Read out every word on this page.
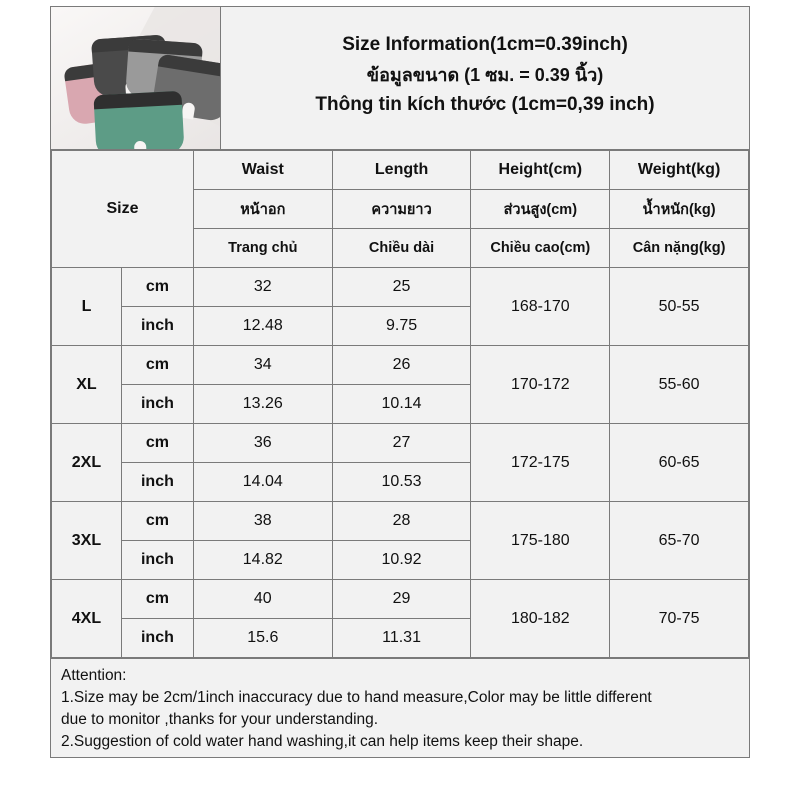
Size Information(1cm=0.39inch)
ข้อมูลขนาด (1 ซม. = 0.39 นิ้ว)
Thông tin kích thước (1cm=0,39 inch)
Size		Waist	Length	Height(cm)	Weight(kg)
		หน้าอก	ความยาว	ส่วนสูง(cm)	น้ำหนัก(kg)
		Trang chủ	Chiều dài	Chiều cao(cm)	Cân nặng(kg)
L	cm	32	25	168-170	50-55
	inch	12.48	9.75		
XL	cm	34	26	170-172	55-60
	inch	13.26	10.14		
2XL	cm	36	27	172-175	60-65
	inch	14.04	10.53		
3XL	cm	38	28	175-180	65-70
	inch	14.82	10.92		
4XL	cm	40	29	180-182	70-75
	inch	15.6	11.31		
Attention:
1.Size may be 2cm/1inch inaccuracy due to hand measure,Color may be little different
due to monitor ,thanks for your understanding.
2.Suggestion of cold water hand washing,it can help items keep their shape.
